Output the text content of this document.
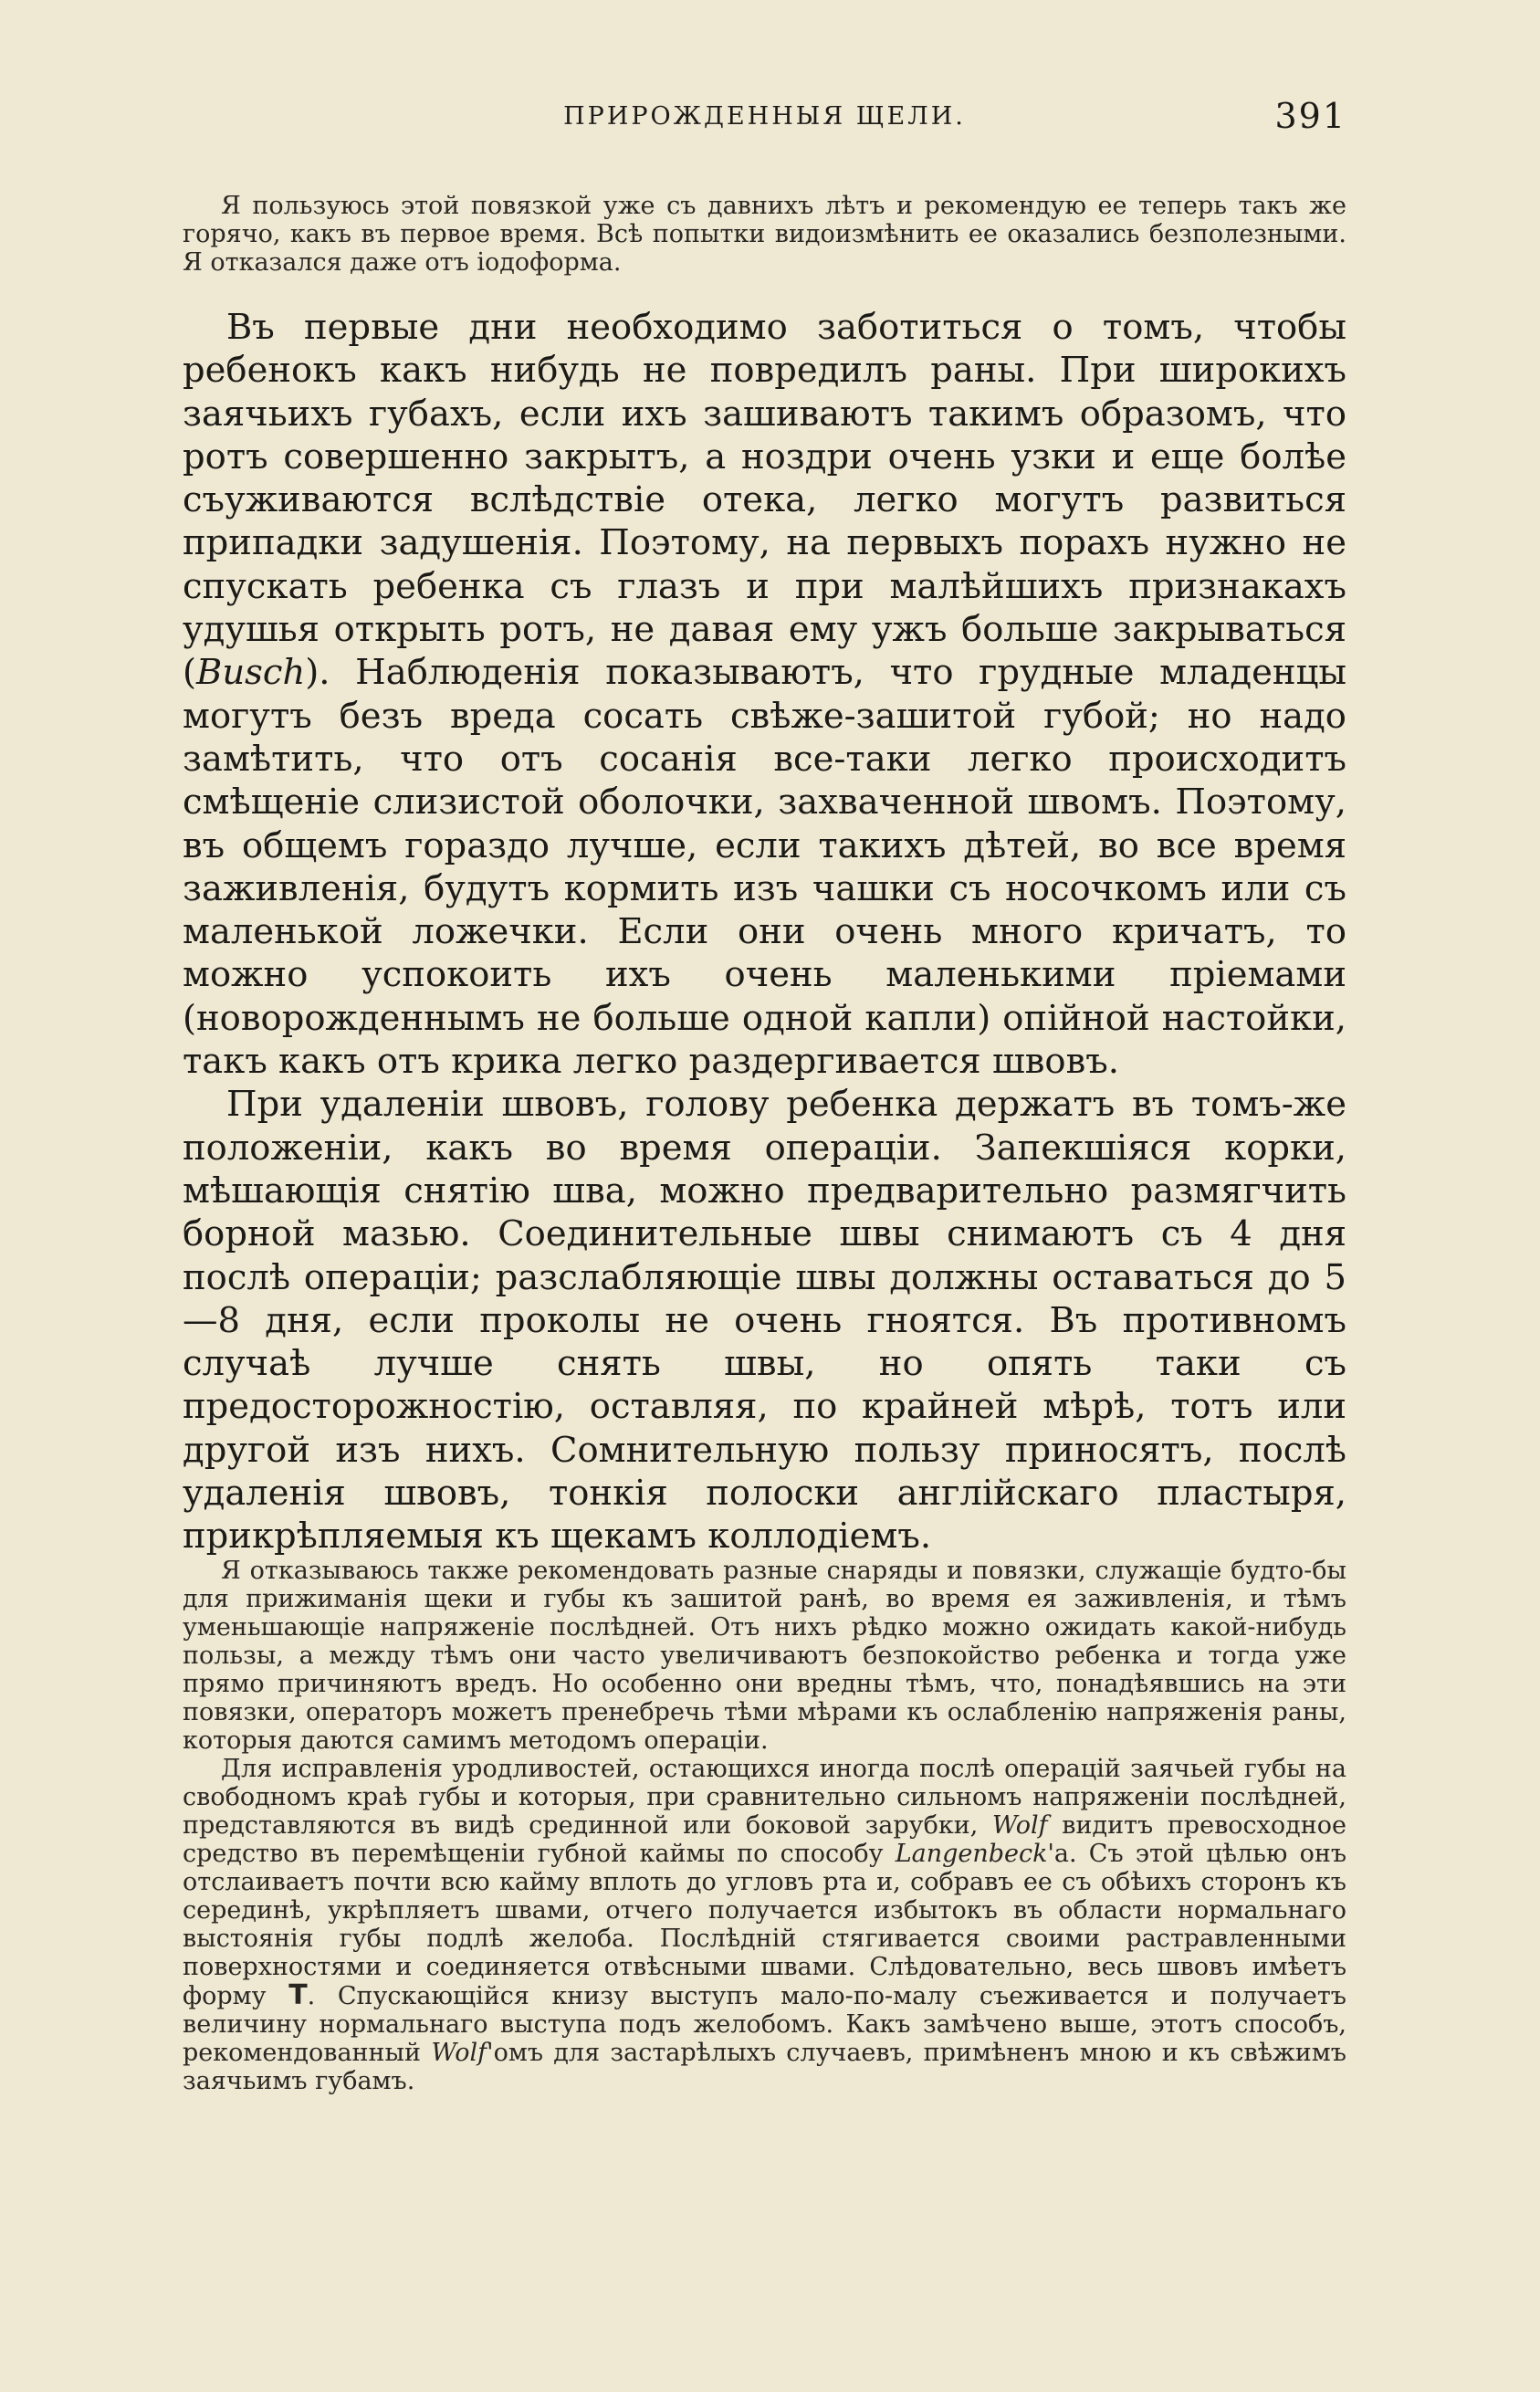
ПРИРОЖДЕННЫЯ ЩЕЛИ.	391

Я пользуюсь этой повязкой уже съ давнихъ лѣтъ и рекомендую ее теперь такъ же горячо, какъ въ первое время. Всѣ попытки видоизмѣнить ее оказались безполезными. Я отказался даже отъ іодоформа.

Въ первые дни необходимо заботиться о томъ, чтобы ребенокъ какъ нибудь не повредилъ раны. При широкихъ заячьихъ губахъ, если ихъ зашиваютъ такимъ образомъ, что ротъ совершенно закрытъ, а ноздри очень узки и еще болѣе съуживаются вслѣдствіе отека, легко могутъ развиться припадки задушенія. Поэтому, на первыхъ порахъ нужно не спускать ребенка съ глазъ и при малѣйшихъ признакахъ удушья открыть ротъ, не давая ему ужъ больше закрываться (Busch). Наблюденія показываютъ, что грудные младенцы могутъ безъ вреда сосать свѣже-зашитой губой; но надо замѣтить, что отъ сосанія все-таки легко происходитъ смѣщеніе слизистой оболочки, захваченной швомъ. Поэтому, въ общемъ гораздо лучше, если такихъ дѣтей, во все время заживленія, будутъ кормить изъ чашки съ носочкомъ или съ маленькой ложечки. Если они очень много кричатъ, то можно успокоить ихъ очень маленькими пріемами (новорожденнымъ не больше одной капли) опійной настойки, такъ какъ отъ крика легко раздергивается швовъ.

При удаленіи швовъ, голову ребенка держатъ въ томъ-же положеніи, какъ во время операціи. Запекшіяся корки, мѣшающія снятію шва, можно предварительно размягчить борной мазью. Соединительные швы снимаютъ съ 4 дня послѣ операціи; разслабляющіе швы должны оставаться до 5—8 дня, если проколы не очень гноятся. Въ противномъ случаѣ лучше снять швы, но опять таки съ предосторожностію, оставляя, по крайней мѣрѣ, тотъ или другой изъ нихъ. Сомнительную пользу приносятъ, послѣ удаленія швовъ, тонкія полоски англійскаго пластыря, прикрѣпляемыя къ щекамъ коллодіемъ.

Я отказываюсь также рекомендовать разные снаряды и повязки, служащіе будто-бы для прижиманія щеки и губы къ зашитой ранѣ, во время ея заживленія, и тѣмъ уменьшающіе напряженіе послѣдней. Отъ нихъ рѣдко можно ожидать какой-нибудь пользы, а между тѣмъ они часто увеличиваютъ безпокойство ребенка и тогда уже прямо причиняютъ вредъ. Но особенно они вредны тѣмъ, что, понадѣявшись на эти повязки, операторъ можетъ пренебречь тѣми мѣрами къ ослабленію напряженія раны, которыя даются самимъ методомъ операціи.

Для исправленія уродливостей, остающихся иногда послѣ операцій заячьей губы на свободномъ краѣ губы и которыя, при сравнительно сильномъ напряженіи послѣдней, представляются въ видѣ срединной или боковой зарубки, Wolf видитъ превосходное средство въ перемѣщеніи губной каймы по способу Langenbeck'а. Съ этой цѣлью онъ отслаиваетъ почти всю кайму вплоть до угловъ рта и, собравъ ее съ обѣихъ сторонъ къ серединѣ, укрѣпляетъ швами, отчего получается избытокъ въ области нормальнаго выстоянія губы подлѣ желоба. Послѣдній стягивается своими растравленными поверхностями и соединяется отвѣсными швами. Слѣдовательно, весь швовъ имѣетъ форму T. Спускающійся книзу выступъ мало-по-малу съеживается и получаетъ величину нормальнаго выступа подъ желобомъ. Какъ замѣчено выше, этотъ способъ, рекомендованный Wolf'омъ для застарѣлыхъ случаевъ, примѣненъ мною и къ свѣжимъ заячьимъ губамъ.
